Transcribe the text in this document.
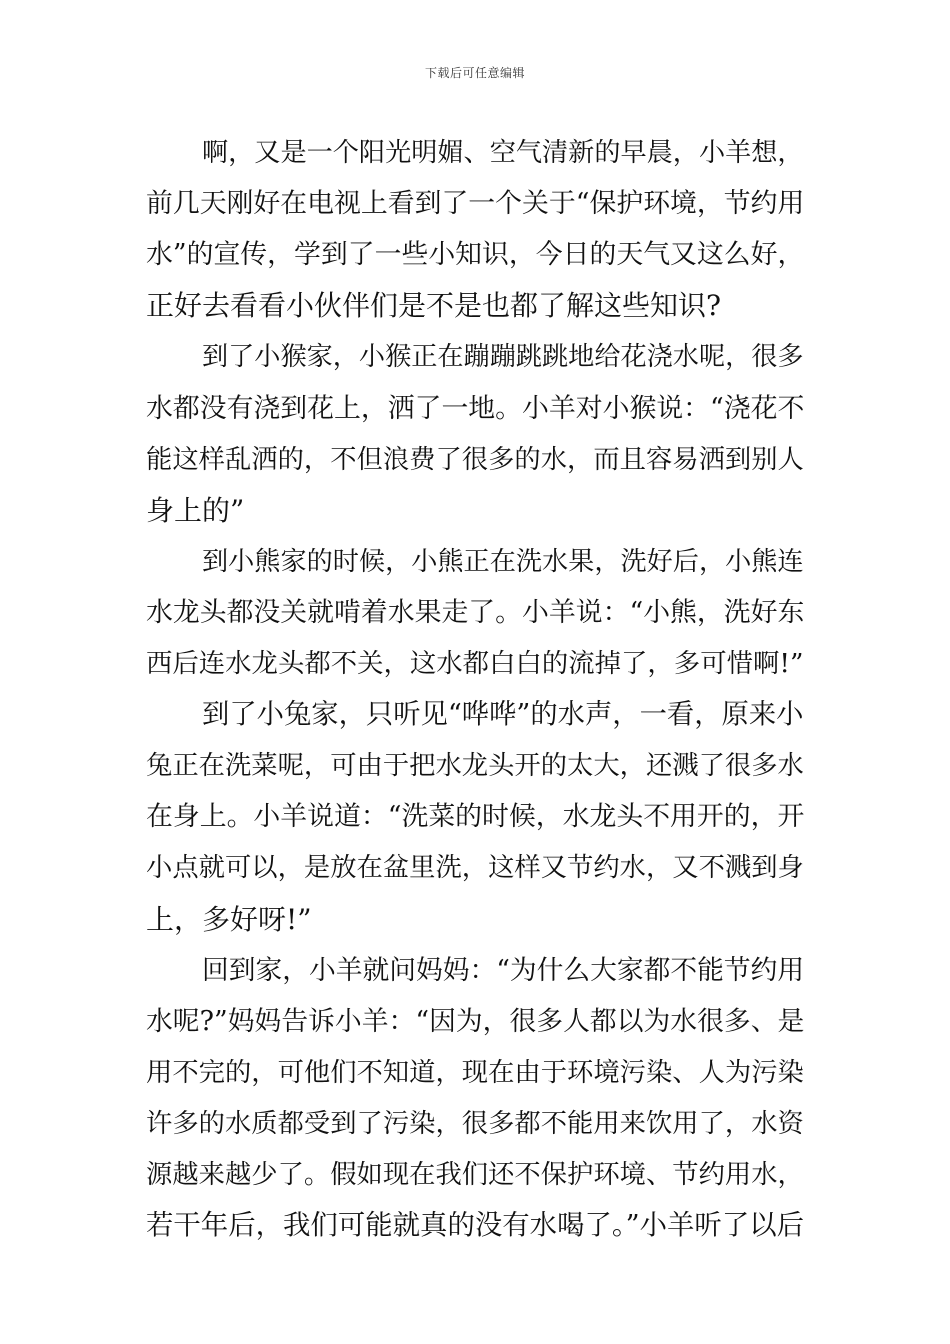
下载后可任意编辑
啊，又是一个阳光明媚、空气清新的早晨，小羊想，
前几天刚好在电视上看到了一个关于“保护环境，节约用
水”的宣传，学到了一些小知识，今日的天气又这么好，
正好去看看小伙伴们是不是也都了解这些知识?
到了小猴家，小猴正在蹦蹦跳跳地给花浇水呢，很多
水都没有浇到花上，洒了一地。小羊对小猴说：“浇花不
能这样乱洒的，不但浪费了很多的水，而且容易洒到别人
身上的”
到小熊家的时候，小熊正在洗水果，洗好后，小熊连
水龙头都没关就啃着水果走了。小羊说：“小熊，洗好东
西后连水龙头都不关，这水都白白的流掉了，多可惜啊!”
到了小兔家，只听见“哗哗”的水声，一看，原来小
兔正在洗菜呢，可由于把水龙头开的太大，还溅了很多水
在身上。小羊说道：“洗菜的时候，水龙头不用开的，开
小点就可以，是放在盆里洗，这样又节约水，又不溅到身
上，多好呀!”
回到家，小羊就问妈妈：“为什么大家都不能节约用
水呢?”妈妈告诉小羊：“因为，很多人都以为水很多、是
用不完的，可他们不知道，现在由于环境污染、人为污染
许多的水质都受到了污染，很多都不能用来饮用了，水资
源越来越少了。假如现在我们还不保护环境、节约用水，
若干年后，我们可能就真的没有水喝了。”小羊听了以后
